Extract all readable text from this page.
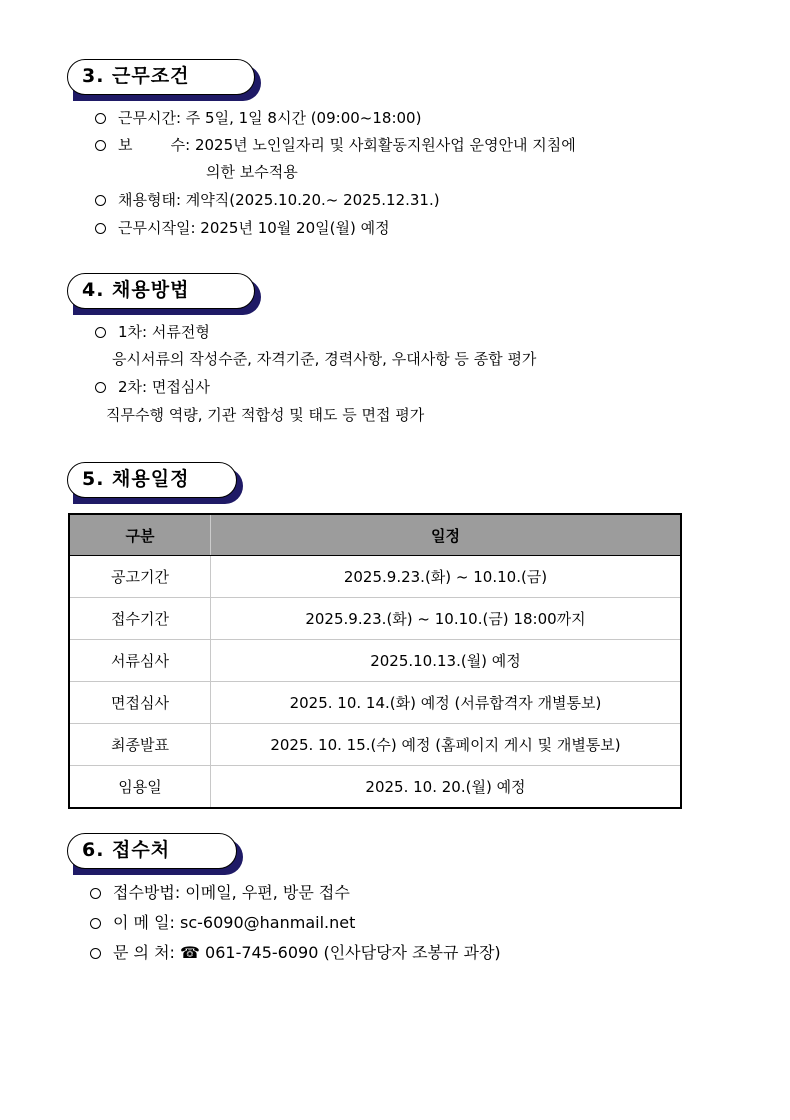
3. 근무조건
근무시간: 주 5일, 1일 8시간 (09:00~18:00)
보        수: 2025년 노인일자리 및 사회활동지원사업 운영안내 지침에
의한 보수적용
채용형태: 계약직(2025.10.20.~ 2025.12.31.)
근무시작일: 2025년 10월 20일(월) 예정
4. 채용방법
1차: 서류전형
응시서류의 작성수준, 자격기준, 경력사항, 우대사항 등 종합 평가
2차: 면접심사
직무수행 역량, 기관 적합성 및 태도 등 면접 평가
5. 채용일정
구분	일정
공고기간	2025.9.23.(화) ~ 10.10.(금)
접수기간	2025.9.23.(화) ~ 10.10.(금) 18:00까지
서류심사	2025.10.13.(월) 예정
면접심사	2025. 10. 14.(화) 예정 (서류합격자 개별통보)
최종발표	2025. 10. 15.(수) 예정 (홈페이지 게시 및 개별통보)
임용일	2025. 10. 20.(월) 예정
6. 접수처
접수방법: 이메일, 우편, 방문 접수
이 메 일: sc-6090@hanmail.net
문 의 처: ☎ 061-745-6090 (인사담당자 조봉규 과장)
